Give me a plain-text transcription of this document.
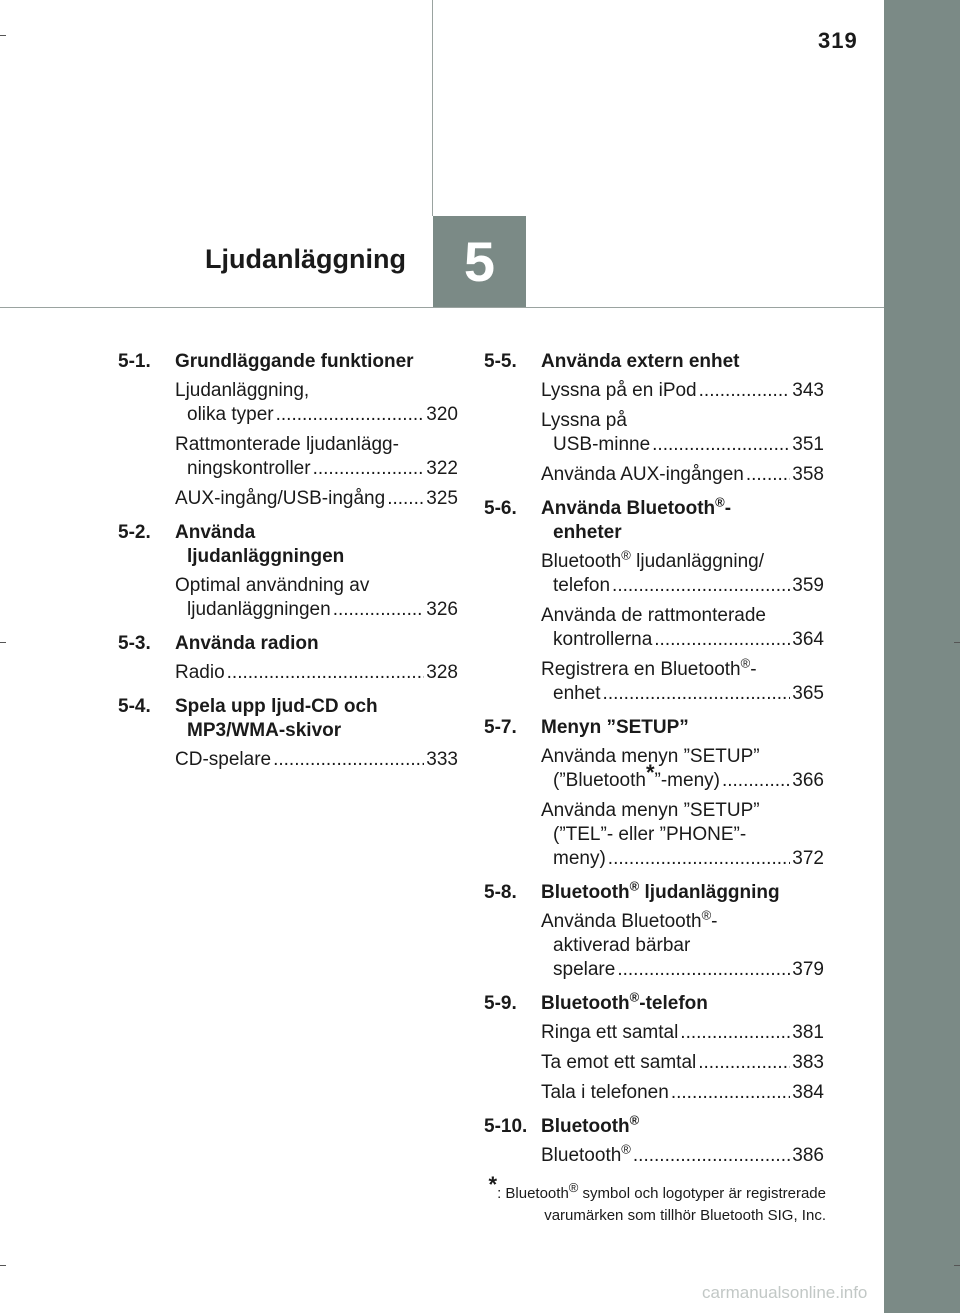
319
Ljudanläggning 5
5-1.	Grundläggande funktioner
Ljudanläggning,
olika typer .....	320
Rattmonterade ljudanlägg-
ningskontroller .....	322
AUX-ingång/USB-ingång ..... 325
5-2.	Använda
ljudanläggningen
Optimal användning av
ljudanläggningen .....	326
5-3.	Använda radion
Radio .....	328
5-4.	Spela upp ljud-CD och
MP3/WMA-skivor
CD-spelare .....	333
5-5.	Använda extern enhet
Lyssna på en iPod .....	343
Lyssna på
USB-minne .....	351
Använda AUX-ingången .....	358
5-6.	Använda Bluetooth®-
enheter
Bluetooth® ljudanläggning/
telefon .....	359
Använda de rattmonterade
kontrollerna .....	364
Registrera en Bluetooth®-
enhet .....	365
5-7.	Menyn ”SETUP”
Använda menyn ”SETUP”
(”Bluetooth*”-meny) .....	366
Använda menyn ”SETUP”
(”TEL”- eller ”PHONE”-
meny) .....	372
5-8.	Bluetooth® ljudanläggning
Använda Bluetooth®-
aktiverad bärbar
spelare .....	379
5-9.	Bluetooth®-telefon
Ringa ett samtal .....	381
Ta emot ett samtal .....	383
Tala i telefonen .....	384
5-10. Bluetooth®
Bluetooth® .....	386
*: Bluetooth® symbol och logotyper är registrerade
varumärken som tillhör Bluetooth SIG, Inc.
carmanualsonline.info
